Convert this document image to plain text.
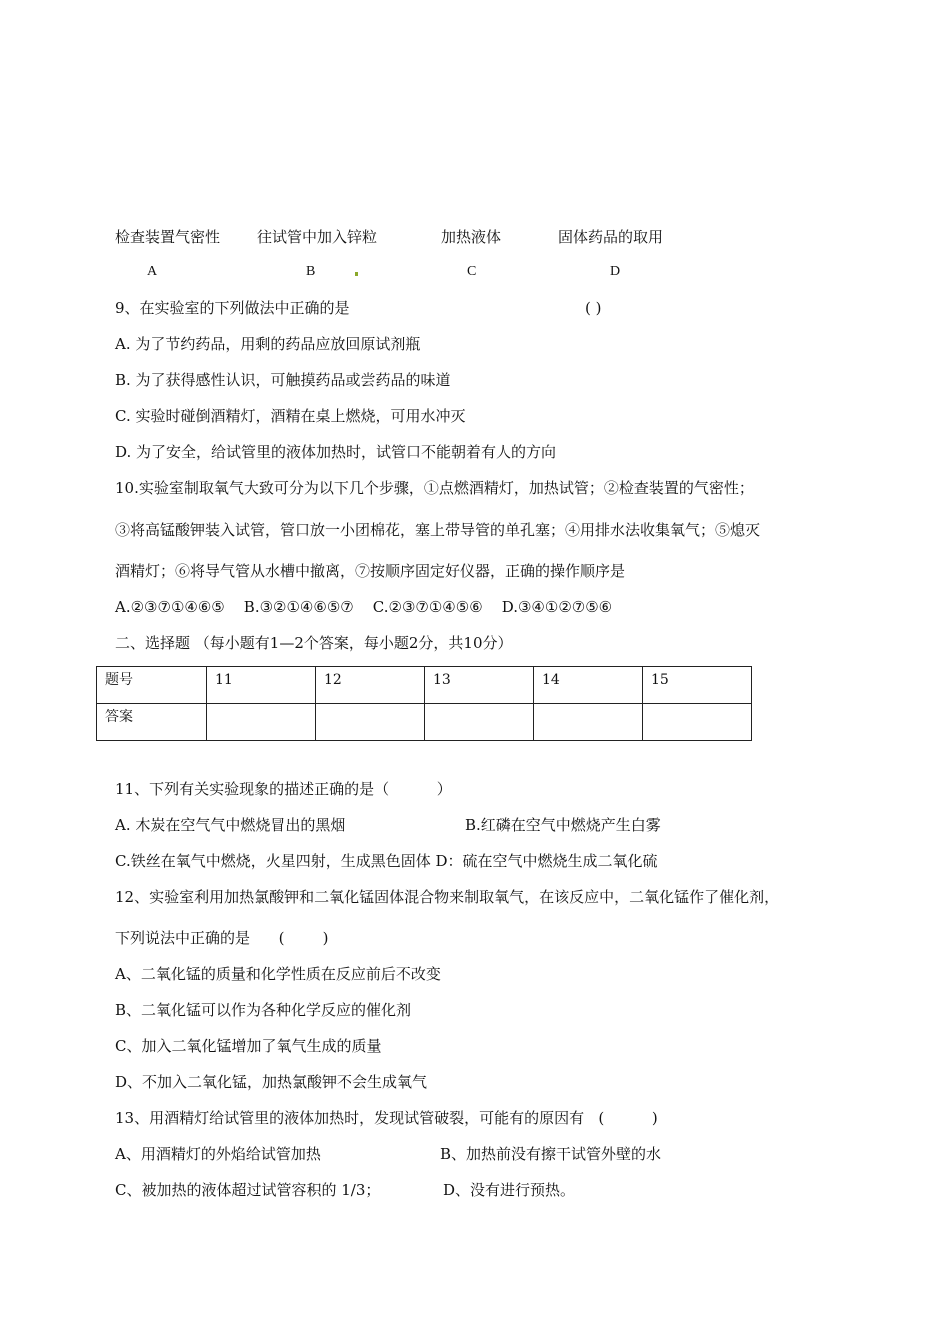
检查装置气密性 往试管中加入锌粒	加热液体	固体药品的取用
A	B	C	D
9、在实验室的下列做法中正确的是	( )
A. 为了节约药品，用剩的药品应放回原试剂瓶
B. 为了获得感性认识，可触摸药品或尝药品的味道
C. 实验时碰倒酒精灯，酒精在桌上燃烧，可用水冲灭
D. 为了安全，给试管里的液体加热时，试管口不能朝着有人的方向
10.实验室制取氧气大致可分为以下几个步骤，①点燃酒精灯，加热试管；②检查装置的气密性；
③将高锰酸钾装入试管，管口放一小团棉花，塞上带导管的单孔塞；④用排水法收集氧气；⑤熄灭
酒精灯；⑥将导气管从水槽中撤离，⑦按顺序固定好仪器，正确的操作顺序是
A.②③⑦①④⑥⑤    B.③②①④⑥⑤⑦    C.②③⑦①④⑤⑥    D.③④①②⑦⑤⑥
二、选择题 （每小题有1—2个答案，每小题2分，共10分）
题号	11	12	13	14	15
答案					
11、下列有关实验现象的描述正确的是（          ）
A. 木炭在空气气中燃烧冒出的黑烟	B.红磷在空气中燃烧产生白雾
C.铁丝在氧气中燃烧，火星四射，生成黑色固体 D：硫在空气中燃烧生成二氧化硫
12、实验室利用加热氯酸钾和二氧化锰固体混合物来制取氧气，在该反应中，二氧化锰作了催化剂，
下列说法中正确的是      (        )
A、二氧化锰的质量和化学性质在反应前后不改变
B、二氧化锰可以作为各种化学反应的催化剂
C、加入二氧化锰增加了氧气生成的质量
D、不加入二氧化锰，加热氯酸钾不会生成氧气
13、用酒精灯给试管里的液体加热时，发现试管破裂，可能有的原因有   (          )
A、用酒精灯的外焰给试管加热	B、加热前没有擦干试管外壁的水
C、被加热的液体超过试管容积的 1/3；	D、没有进行预热。
